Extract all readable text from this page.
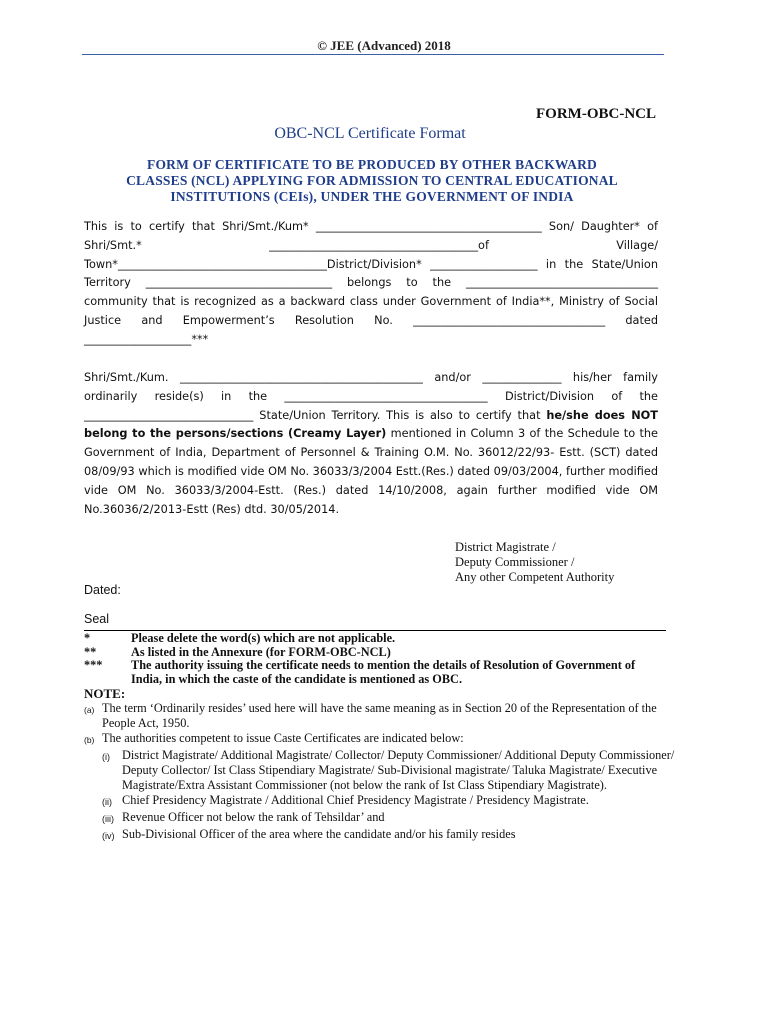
© JEE (Advanced) 2018
FORM-OBC-NCL
OBC-NCL Certificate Format
FORM OF CERTIFICATE TO BE PRODUCED BY OTHER BACKWARD
CLASSES (NCL) APPLYING FOR ADMISSION TO CENTRAL EDUCATIONAL
INSTITUTIONS (CEIs), UNDER THE GOVERNMENT OF INDIA

This is to certify that Shri/Smt./Kum* ________________________________________ Son/ Daughter* of Shri/Smt.* _____________________________________of Village/ Town*_____________________________________District/Division* ___________________ in the State/Union Territory _________________________________ belongs to the __________________________________ community that is recognized as a backward class under Government of India**, Ministry of Social Justice and Empowerment’s Resolution No. __________________________________ dated ___________________***

Shri/Smt./Kum. ___________________________________________ and/or ______________ his/her family ordinarily reside(s) in the ____________________________________ District/Division of the ______________________________ State/Union Territory. This is also to certify that he/she does NOT belong to the persons/sections (Creamy Layer) mentioned in Column 3 of the Schedule to the Government of India, Department of Personnel & Training O.M. No. 36012/22/93- Estt. (SCT) dated 08/09/93 which is modified vide OM No. 36033/3/2004 Estt.(Res.) dated 09/03/2004, further modified vide OM No. 36033/3/2004-Estt. (Res.) dated 14/10/2008, again further modified vide OM No.36036/2/2013-Estt (Res) dtd. 30/05/2014.

District Magistrate /
Deputy Commissioner /
Any other Competent Authority
Dated:
Seal
*	Please delete the word(s) which are not applicable.
**	As listed in the Annexure (for FORM-OBC-NCL)
***	The authority issuing the certificate needs to mention the details of Resolution of Government of India, in which the caste of the candidate is mentioned as OBC.
NOTE:
(a) The term ‘Ordinarily resides’ used here will have the same meaning as in Section 20 of the Representation of the People Act, 1950.
(b) The authorities competent to issue Caste Certificates are indicated below:
(i) District Magistrate/ Additional Magistrate/ Collector/ Deputy Commissioner/ Additional Deputy Commissioner/ Deputy Collector/ Ist Class Stipendiary Magistrate/ Sub-Divisional magistrate/ Taluka Magistrate/ Executive Magistrate/Extra Assistant Commissioner (not below the rank of Ist Class Stipendiary Magistrate).
(ii) Chief Presidency Magistrate / Additional Chief Presidency Magistrate / Presidency Magistrate.
(iii) Revenue Officer not below the rank of Tehsildar’ and
(iv) Sub-Divisional Officer of the area where the candidate and/or his family resides
